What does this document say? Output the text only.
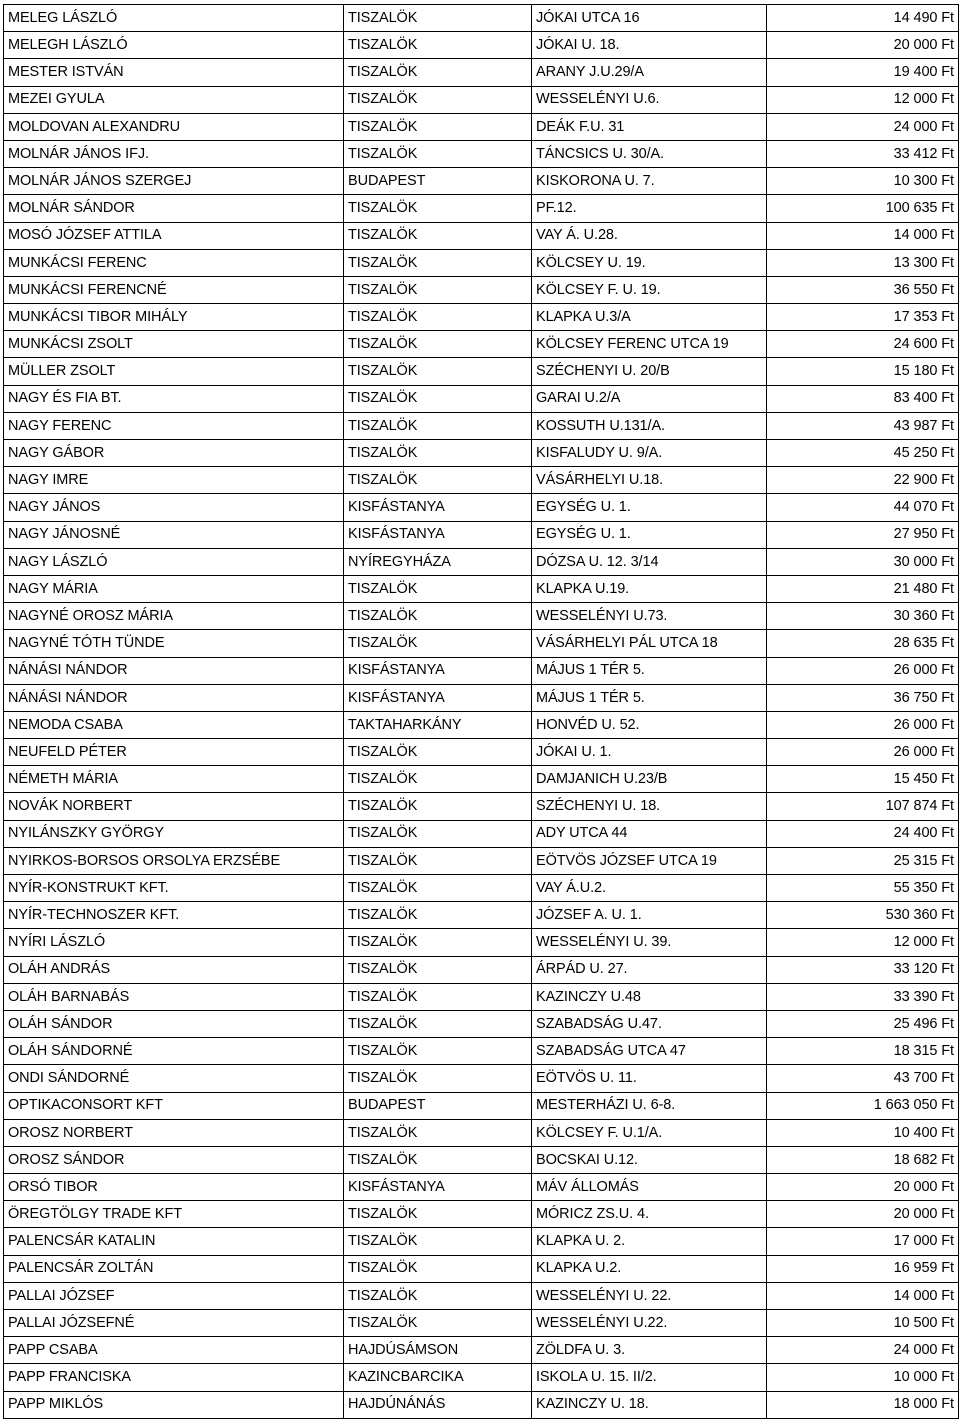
MELEG LÁSZLÓ	TISZALÖK	JÓKAI UTCA 16	14 490 Ft
MELEGH LÁSZLÓ	TISZALÖK	JÓKAI U. 18.	20 000 Ft
MESTER ISTVÁN	TISZALÖK	ARANY J.U.29/A	19 400 Ft
MEZEI GYULA	TISZALÖK	WESSELÉNYI U.6.	12 000 Ft
MOLDOVAN ALEXANDRU	TISZALÖK	DEÁK F.U. 31	24 000 Ft
MOLNÁR JÁNOS IFJ.	TISZALÖK	TÁNCSICS U. 30/A.	33 412 Ft
MOLNÁR JÁNOS SZERGEJ	BUDAPEST	KISKORONA U. 7.	10 300 Ft
MOLNÁR SÁNDOR	TISZALÖK	PF.12.	100 635 Ft
MOSÓ JÓZSEF ATTILA	TISZALÖK	VAY Á. U.28.	14 000 Ft
MUNKÁCSI FERENC	TISZALÖK	KÖLCSEY U. 19.	13 300 Ft
MUNKÁCSI FERENCNÉ	TISZALÖK	KÖLCSEY F. U. 19.	36 550 Ft
MUNKÁCSI TIBOR MIHÁLY	TISZALÖK	KLAPKA U.3/A	17 353 Ft
MUNKÁCSI ZSOLT	TISZALÖK	KÖLCSEY FERENC UTCA 19	24 600 Ft
MÜLLER ZSOLT	TISZALÖK	SZÉCHENYI U. 20/B	15 180 Ft
NAGY ÉS FIA BT.	TISZALÖK	GARAI U.2/A	83 400 Ft
NAGY FERENC	TISZALÖK	KOSSUTH U.131/A.	43 987 Ft
NAGY GÁBOR	TISZALÖK	KISFALUDY U. 9/A.	45 250 Ft
NAGY IMRE	TISZALÖK	VÁSÁRHELYI U.18.	22 900 Ft
NAGY JÁNOS	KISFÁSTANYA	EGYSÉG U. 1.	44 070 Ft
NAGY JÁNOSNÉ	KISFÁSTANYA	EGYSÉG U. 1.	27 950 Ft
NAGY LÁSZLÓ	NYÍREGYHÁZA	DÓZSA U. 12. 3/14	30 000 Ft
NAGY MÁRIA	TISZALÖK	KLAPKA U.19.	21 480 Ft
NAGYNÉ OROSZ MÁRIA	TISZALÖK	WESSELÉNYI U.73.	30 360 Ft
NAGYNÉ TÓTH TÜNDE	TISZALÖK	VÁSÁRHELYI PÁL UTCA 18	28 635 Ft
NÁNÁSI NÁNDOR	KISFÁSTANYA	MÁJUS 1 TÉR 5.	26 000 Ft
NÁNÁSI NÁNDOR	KISFÁSTANYA	MÁJUS 1 TÉR 5.	36 750 Ft
NEMODA CSABA	TAKTAHARKÁNY	HONVÉD U. 52.	26 000 Ft
NEUFELD PÉTER	TISZALÖK	JÓKAI U. 1.	26 000 Ft
NÉMETH MÁRIA	TISZALÖK	DAMJANICH U.23/B	15 450 Ft
NOVÁK NORBERT	TISZALÖK	SZÉCHENYI U. 18.	107 874 Ft
NYILÁNSZKY GYÖRGY	TISZALÖK	ADY UTCA 44	24 400 Ft
NYIRKOS-BORSOS ORSOLYA ERZSÉBE	TISZALÖK	EÖTVÖS JÓZSEF UTCA 19	25 315 Ft
NYÍR-KONSTRUKT KFT.	TISZALÖK	VAY Á.U.2.	55 350 Ft
NYÍR-TECHNOSZER KFT.	TISZALÖK	JÓZSEF A. U. 1.	530 360 Ft
NYÍRI LÁSZLÓ	TISZALÖK	WESSELÉNYI U. 39.	12 000 Ft
OLÁH ANDRÁS	TISZALÖK	ÁRPÁD U. 27.	33 120 Ft
OLÁH BARNABÁS	TISZALÖK	KAZINCZY U.48	33 390 Ft
OLÁH SÁNDOR	TISZALÖK	SZABADSÁG U.47.	25 496 Ft
OLÁH SÁNDORNÉ	TISZALÖK	SZABADSÁG UTCA 47	18 315 Ft
ONDI SÁNDORNÉ	TISZALÖK	EÖTVÖS U. 11.	43 700 Ft
OPTIKACONSORT KFT	BUDAPEST	MESTERHÁZI U. 6-8.	1 663 050 Ft
OROSZ NORBERT	TISZALÖK	KÖLCSEY F. U.1/A.	10 400 Ft
OROSZ SÁNDOR	TISZALÖK	BOCSKAI U.12.	18 682 Ft
ORSÓ TIBOR	KISFÁSTANYA	MÁV ÁLLOMÁS	20 000 Ft
ÖREGTÖLGY TRADE KFT	TISZALÖK	MÓRICZ ZS.U. 4.	20 000 Ft
PALENCSÁR KATALIN	TISZALÖK	KLAPKA U. 2.	17 000 Ft
PALENCSÁR ZOLTÁN	TISZALÖK	KLAPKA U.2.	16 959 Ft
PALLAI JÓZSEF	TISZALÖK	WESSELÉNYI U. 22.	14 000 Ft
PALLAI JÓZSEFNÉ	TISZALÖK	WESSELÉNYI U.22.	10 500 Ft
PAPP CSABA	HAJDÚSÁMSON	ZÖLDFA U. 3.	24 000 Ft
PAPP FRANCISKA	KAZINCBARCIKA	ISKOLA U. 15. II/2.	10 000 Ft
PAPP MIKLÓS	HAJDÚNÁNÁS	KAZINCZY U. 18.	18 000 Ft
